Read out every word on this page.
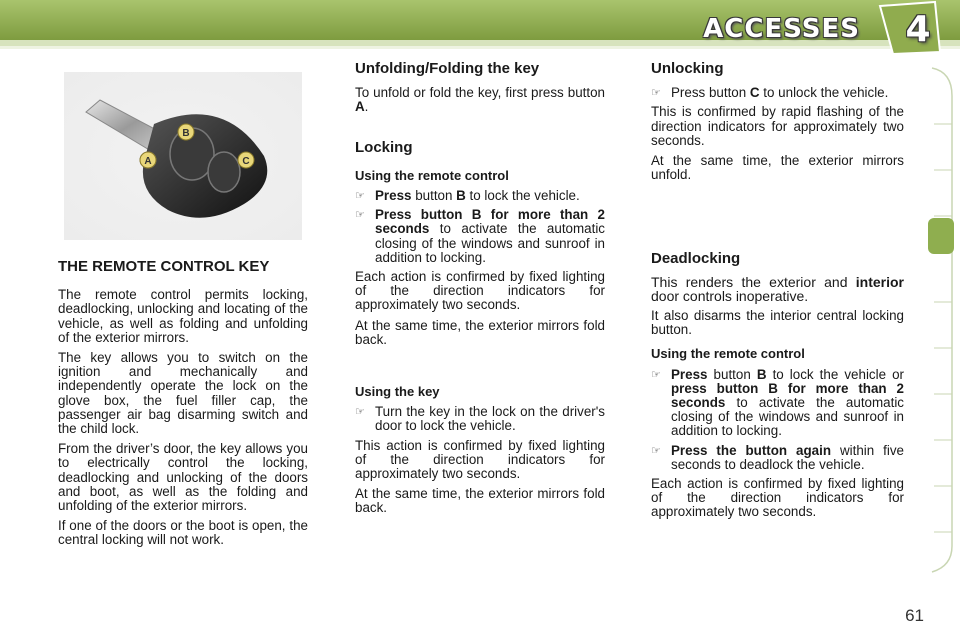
ACCESSES 4
B
A	C
THE REMOTE CONTROL KEY

The remote control permits locking, deadlocking, unlocking and locating of the vehicle, as well as folding and unfolding of the exterior mirrors.

The key allows you to switch on the ignition and mechanically and independently operate the lock on the glove box, the fuel filler cap, the passenger air bag disarming switch and the child lock.

From the driver’s door, the key allows you to electrically control the locking, deadlocking and unlocking of the doors and boot, as well as the folding and unfolding of the exterior mirrors.

If one of the doors or the boot is open, the central locking will not work.

Unfolding/Folding the key

To unfold or fold the key, first press button A.

Locking
Using the remote control
☞ Press button B to lock the vehicle.
☞ Press button B for more than 2 seconds to activate the automatic closing of the windows and sunroof in addition to locking.

Each action is confirmed by fixed lighting of the direction indicators for approximately two seconds.

At the same time, the exterior mirrors fold back.

Using the key
☞ Turn the key in the lock on the driver's door to lock the vehicle.

This action is confirmed by fixed lighting of the direction indicators for approximately two seconds.

At the same time, the exterior mirrors fold back.

Unlocking
☞ Press button C to unlock the vehicle.

This is confirmed by rapid flashing of the direction indicators for approximately two seconds.

At the same time, the exterior mirrors unfold.

Deadlocking

This renders the exterior and interior door controls inoperative.

It also disarms the interior central locking button.

Using the remote control
☞ Press button B to lock the vehicle or press button B for more than 2 seconds to activate the automatic closing of the windows and sunroof in addition to locking.
☞ Press the button again within five seconds to deadlock the vehicle.

Each action is confirmed by fixed lighting of the direction indicators for approximately two seconds.

61
